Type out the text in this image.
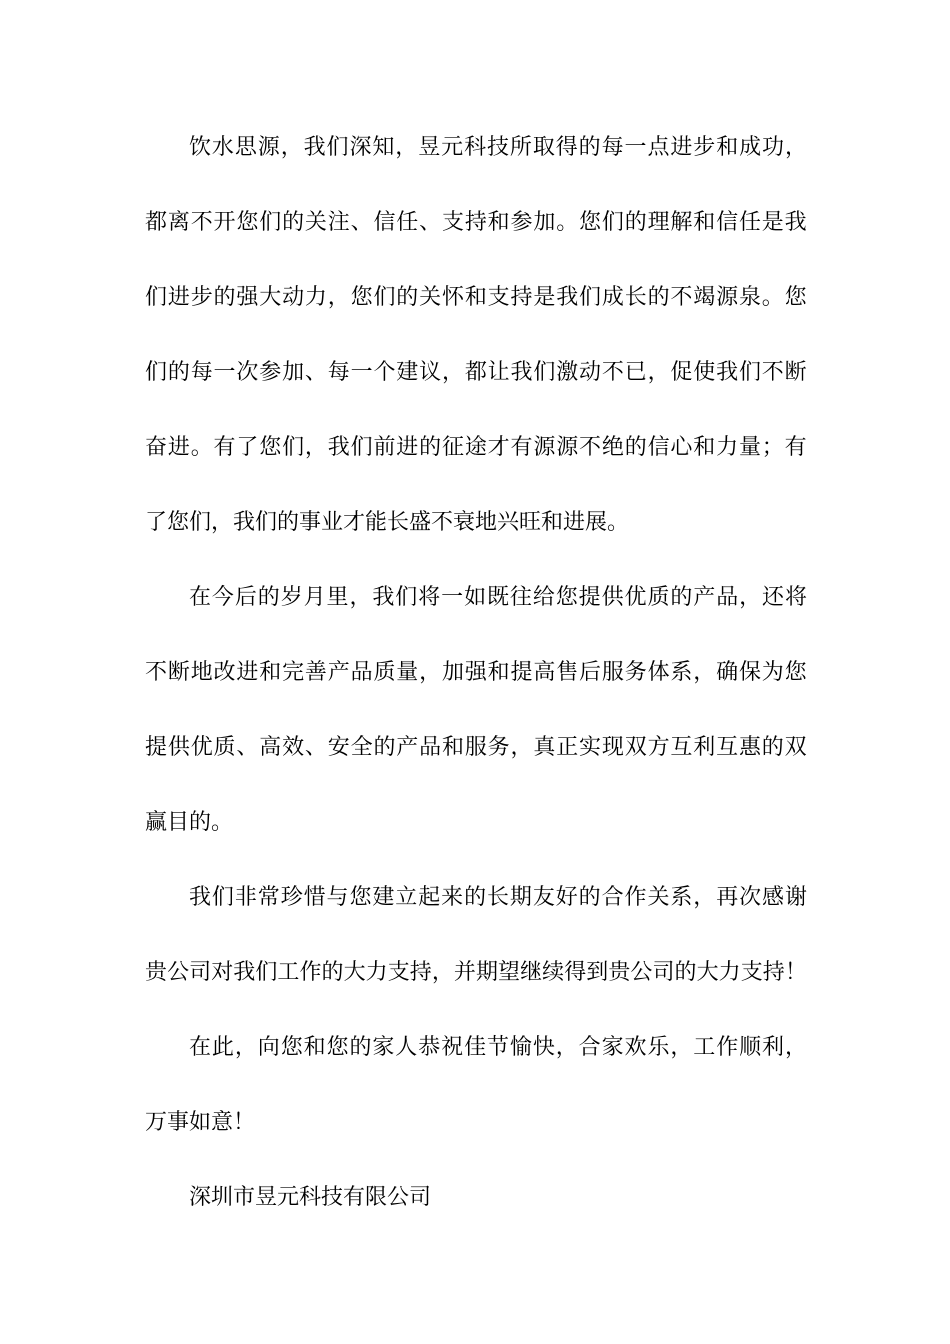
饮 水 思 源 ， 我 们 深 知 ， 昱 元 科 技 所 取 得 的 每 一 点 进 步 和 成 功 ，
都 离 不 开 您 们 的 关 注 、 信 任 、 支 持 和 参 加 。 您 们 的 理 解 和 信 任 是 我
们 进 步 的 强 大 动 力 ， 您 们 的 关 怀 和 支 持 是 我 们 成 长 的 不 竭 源 泉 。 您
们 的 每 一 次 参 加 、 每 一 个 建 议 ， 都 让 我 们 激 动 不 已 ， 促 使 我 们 不 断
奋 进 。 有 了 您 们 ， 我 们 前 进 的 征 途 才 有 源 源 不 绝 的 信 心 和 力 量 ； 有
了您们，我们的事业才能长盛不衰地兴旺和进展。
在 今 后 的 岁 月 里 ， 我 们 将 一 如 既 往 给 您 提 供 优 质 的 产 品 ， 还 将
不 断 地 改 进 和 完 善 产 品 质 量 ， 加 强 和 提 高 售 后 服 务 体 系 ， 确 保 为 您
提 供 优 质 、 高 效 、 安 全 的 产 品 和 服 务 ， 真 正 实 现 双 方 互 利 互 惠 的 双
赢目的。
我 们 非 常 珍 惜 与 您 建 立 起 来 的 长 期 友 好 的 合 作 关 系 ， 再 次 感 谢
贵 公 司 对 我 们 工 作 的 大 力 支 持 ， 并 期 望 继 续 得 到 贵 公 司 的 大 力 支 持 ！
在 此 ， 向 您 和 您 的 家 人 恭 祝 佳 节 愉 快 ， 合 家 欢 乐 ， 工 作 顺 利 ，
万事如意！
深圳市昱元科技有限公司
